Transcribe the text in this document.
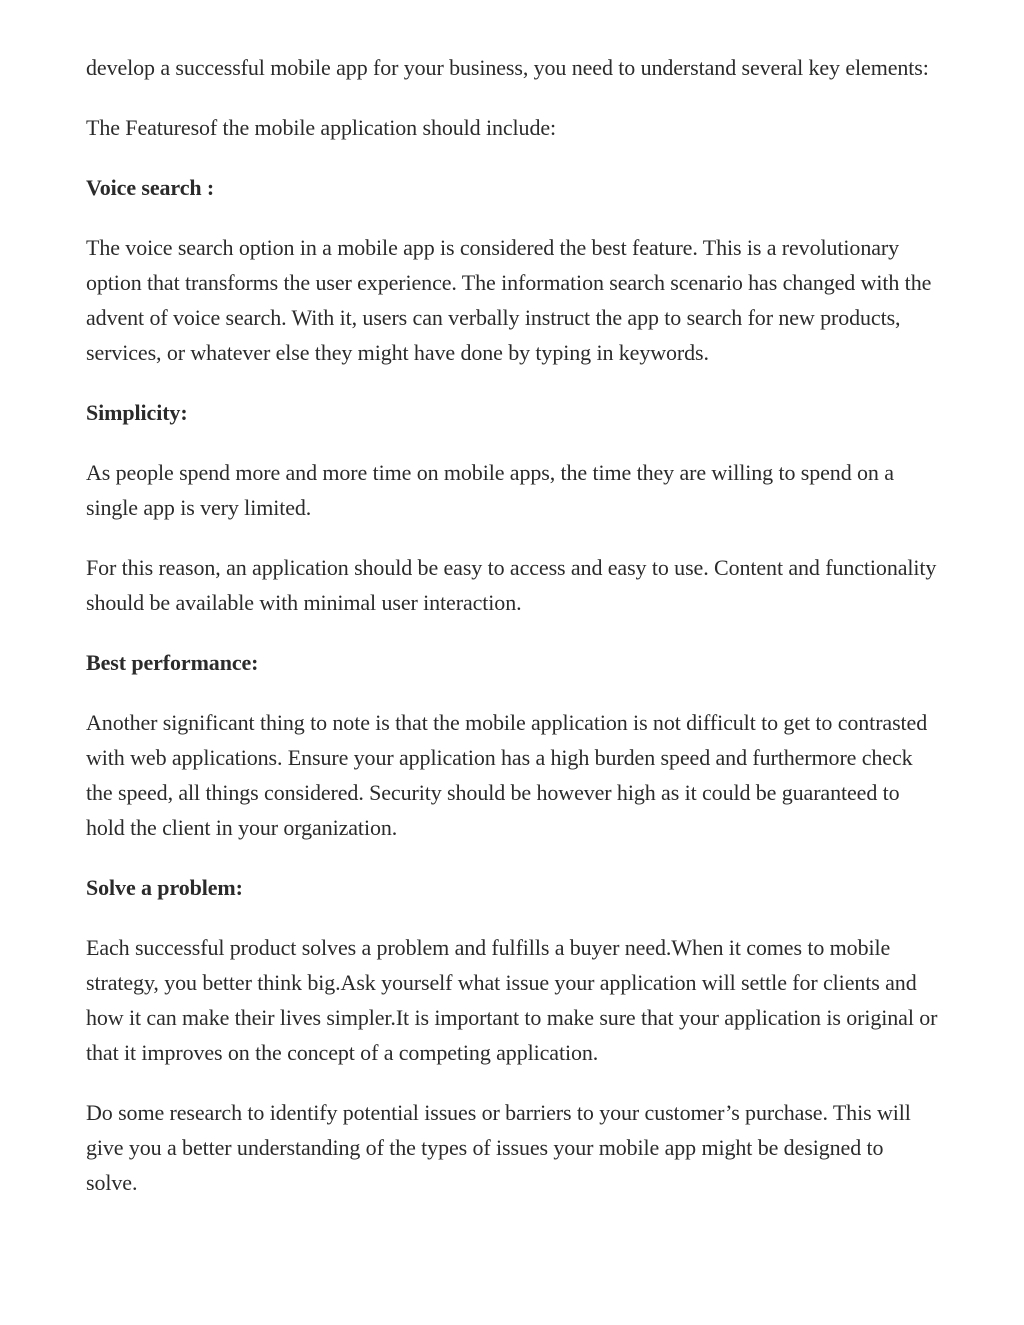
develop a successful mobile app for your business, you need to understand several key elements:

The Featuresof the mobile application should include:

Voice search :

The voice search option in a mobile app is considered the best feature. This is a revolutionary option that transforms the user experience. The information search scenario has changed with the advent of voice search. With it, users can verbally instruct the app to search for new products, services, or whatever else they might have done by typing in keywords.

Simplicity:

As people spend more and more time on mobile apps, the time they are willing to spend on a single app is very limited.

For this reason, an application should be easy to access and easy to use. Content and functionality should be available with minimal user interaction.

Best performance:

Another significant thing to note is that the mobile application is not difficult to get to contrasted with web applications. Ensure your application has a high burden speed and furthermore check the speed, all things considered. Security should be however high as it could be guaranteed to hold the client in your organization.

Solve a problem:

Each successful product solves a problem and fulfills a buyer need.When it comes to mobile strategy, you better think big.Ask yourself what issue your application will settle for clients and how it can make their lives simpler.It is important to make sure that your application is original or that it improves on the concept of a competing application.

Do some research to identify potential issues or barriers to your customer’s purchase. This will give you a better understanding of the types of issues your mobile app might be designed to solve.
